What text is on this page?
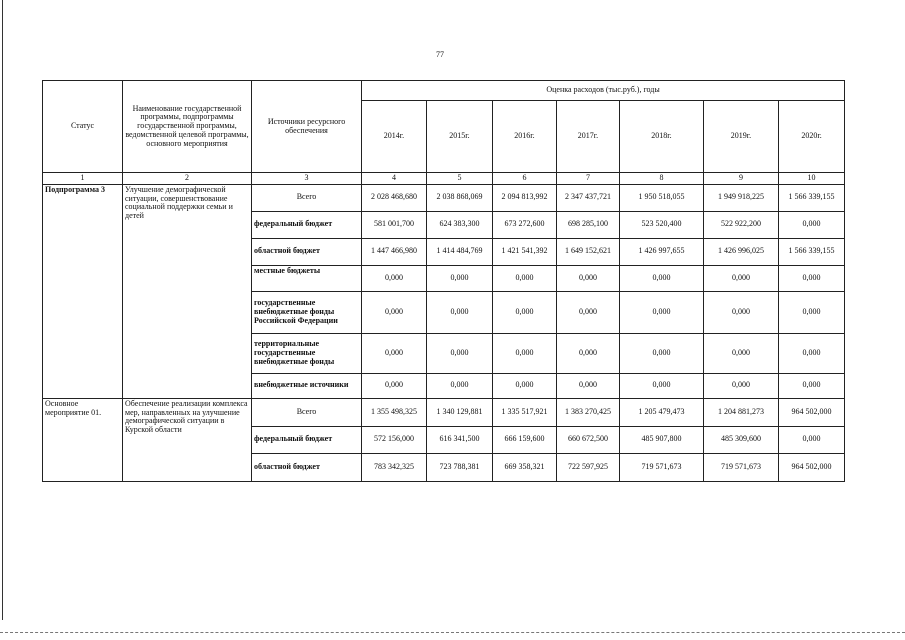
77
Статус	Наименование государственной программы, подпрограммы государственной программы, ведомственной целевой программы, основного мероприятия	Источники ресурсного обеспечения	Оценка расходов (тыс.руб.), годы						
			2014г.	2015г.	2016г.	2017г.	2018г.	2019г.	2020г.
1	2	3	4	5	6	7	8	9	10
Подпрограмма 3	Улучшение демографической ситуации, совершенствование социальной поддержки семьи и детей	Всего	2 028 468,680	2 038 868,069	2 094 813,992	2 347 437,721	1 950 518,055	1 949 918,225	1 566 339,155
		федеральный бюджет	581 001,700	624 383,300	673 272,600	698 285,100	523 520,400	522 922,200	0,000
		областной бюджет	1 447 466,980	1 414 484,769	1 421 541,392	1 649 152,621	1 426 997,655	1 426 996,025	1 566 339,155
		местные бюджеты	0,000	0,000	0,000	0,000	0,000	0,000	0,000
		государственные внебюджетные фонды Российской Федерации	0,000	0,000	0,000	0,000	0,000	0,000	0,000
		территориальные государственные внебюджетные фонды	0,000	0,000	0,000	0,000	0,000	0,000	0,000
		внебюджетные источники	0,000	0,000	0,000	0,000	0,000	0,000	0,000
Основное мероприятие 01.	Обеспечение реализации комплекса мер, направленных на улучшение демографической ситуации в Курской области	Всего	1 355 498,325	1 340 129,881	1 335 517,921	1 383 270,425	1 205 479,473	1 204 881,273	964 502,000
		федеральный бюджет	572 156,000	616 341,500	666 159,600	660 672,500	485 907,800	485 309,600	0,000
		областной бюджет	783 342,325	723 788,381	669 358,321	722 597,925	719 571,673	719 571,673	964 502,000
